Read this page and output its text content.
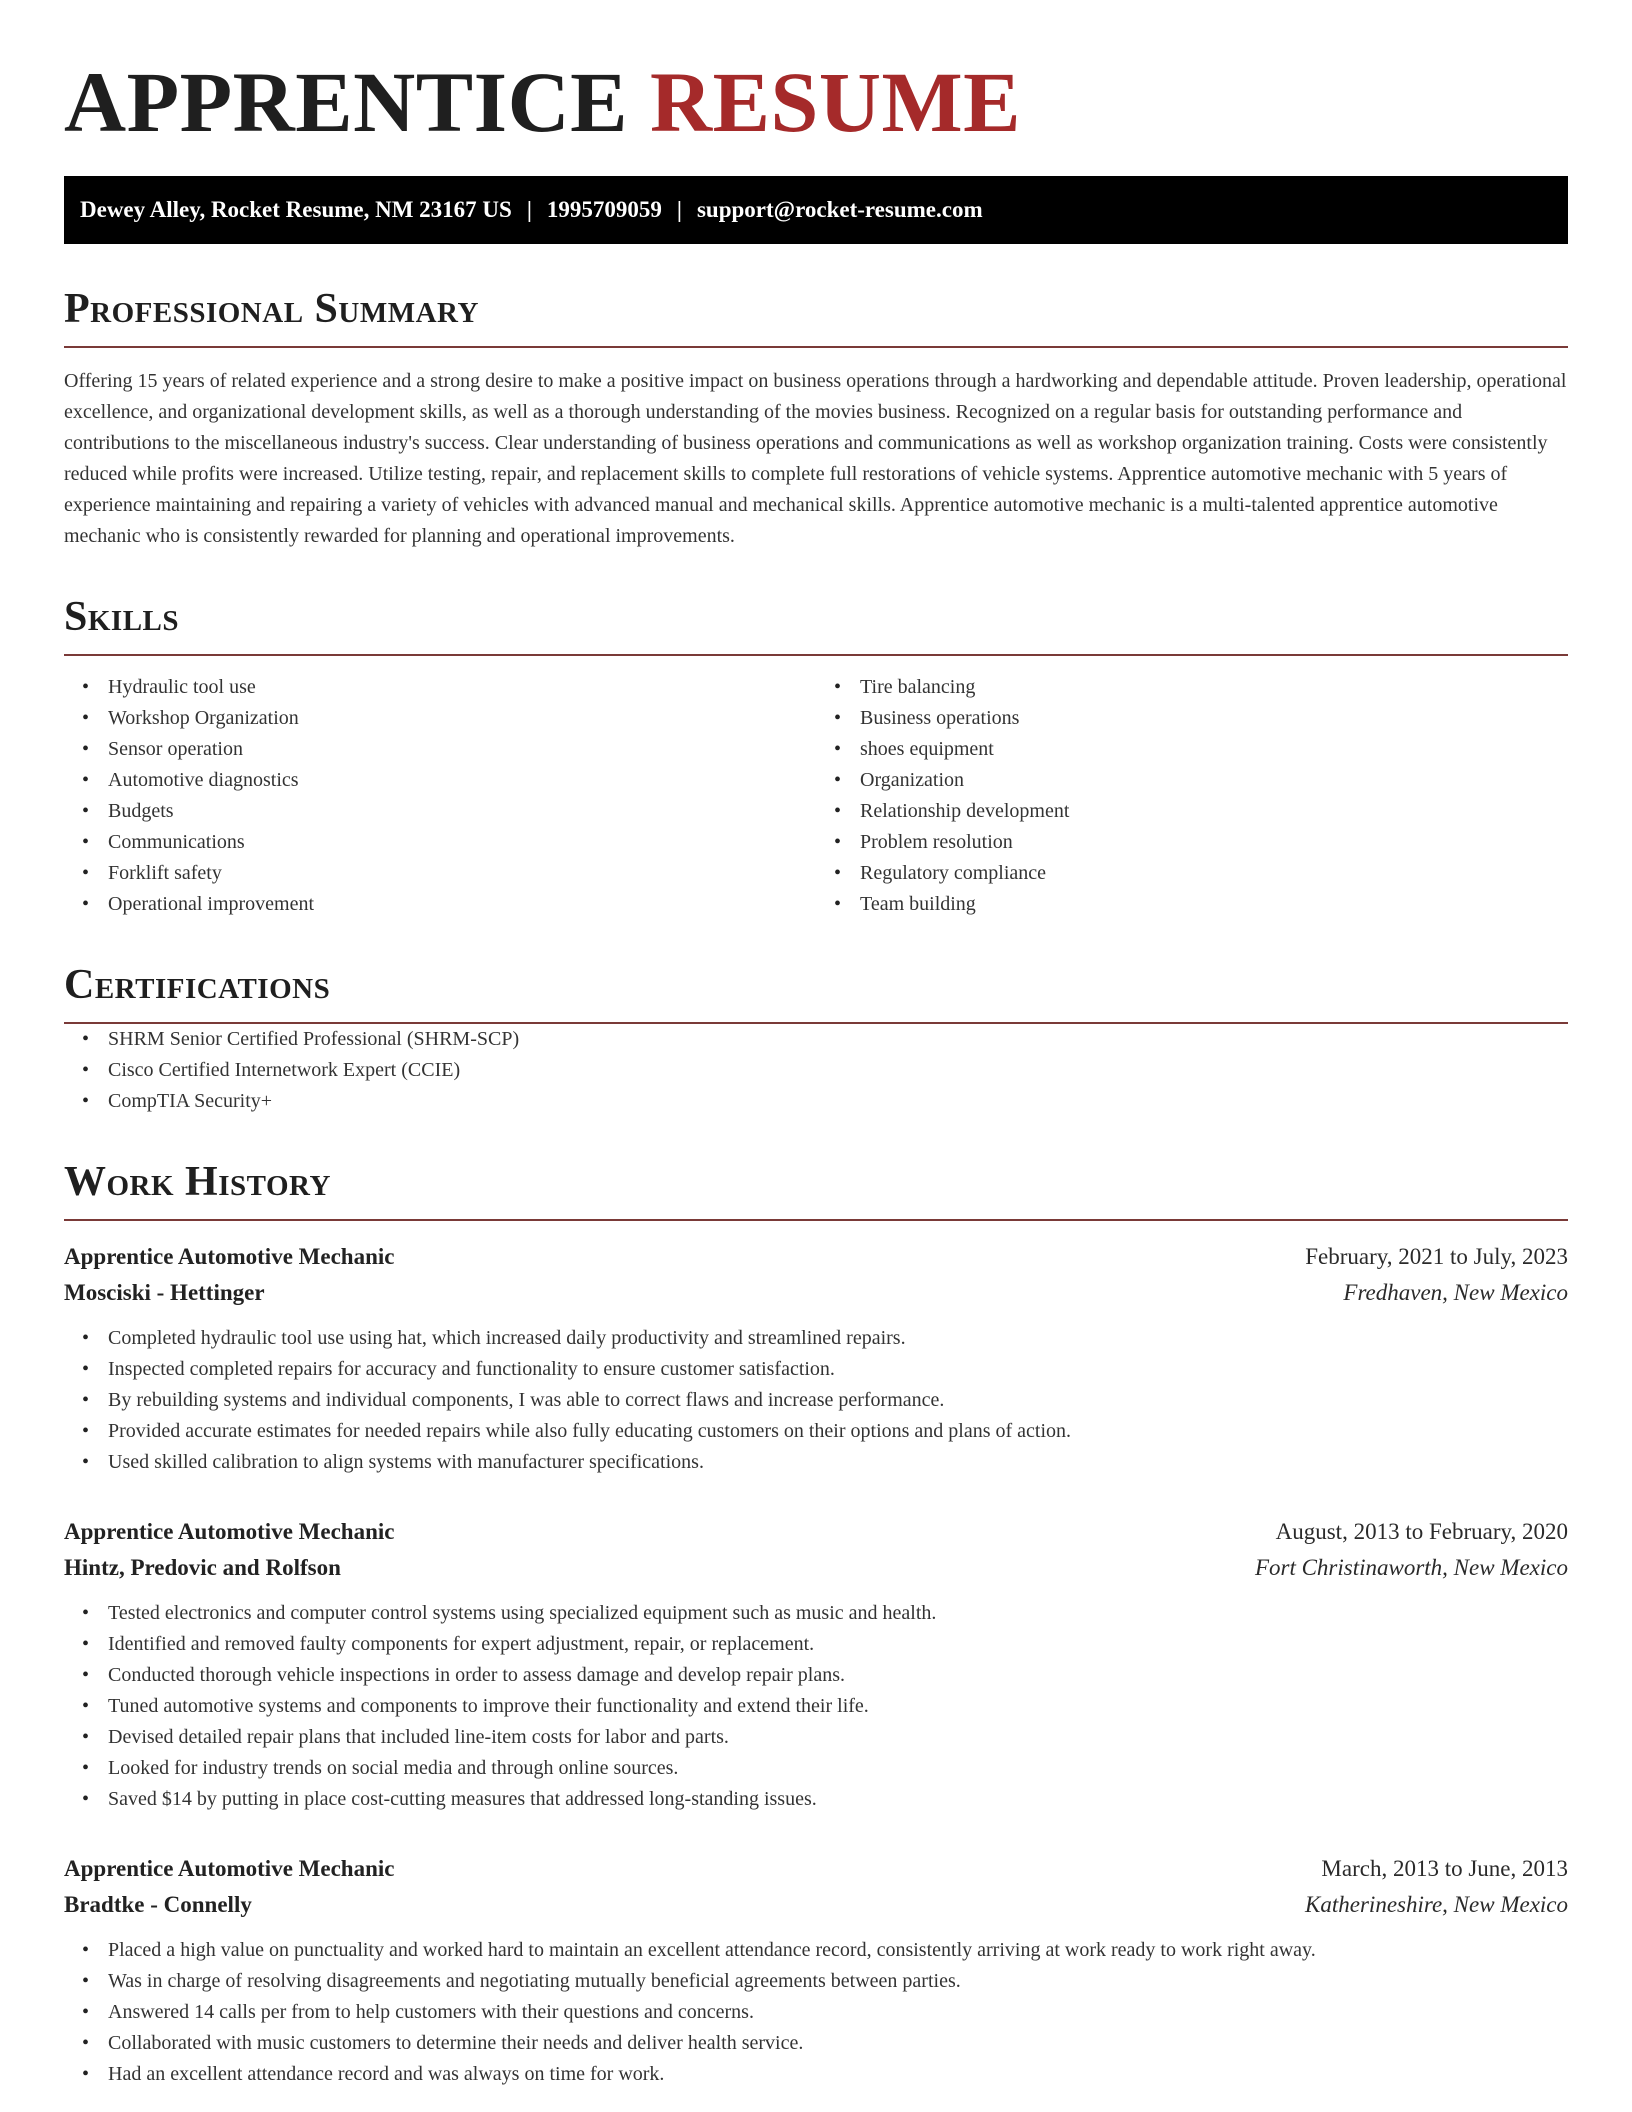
APPRENTICE RESUME
Dewey Alley, Rocket Resume, NM 23167 US | 1995709059 | support@rocket-resume.com
Professional Summary

Offering 15 years of related experience and a strong desire to make a positive impact on business operations through a hardworking and dependable attitude. Proven leadership, operational excellence, and organizational development skills, as well as a thorough understanding of the movies business. Recognized on a regular basis for outstanding performance and contributions to the miscellaneous industry's success. Clear understanding of business operations and communications as well as workshop organization training. Costs were consistently reduced while profits were increased. Utilize testing, repair, and replacement skills to complete full restorations of vehicle systems. Apprentice automotive mechanic with 5 years of experience maintaining and repairing a variety of vehicles with advanced manual and mechanical skills. Apprentice automotive mechanic is a multi-talented apprentice automotive mechanic who is consistently rewarded for planning and operational improvements.

Skills
• Hydraulic tool use
• Workshop Organization
• Sensor operation
• Automotive diagnostics
• Budgets
• Communications
• Forklift safety
• Operational improvement
• Tire balancing
• Business operations
• shoes equipment
• Organization
• Relationship development
• Problem resolution
• Regulatory compliance
• Team building
Certifications
• SHRM Senior Certified Professional (SHRM-SCP)
• Cisco Certified Internetwork Expert (CCIE)
• CompTIA Security+
Work History
Apprentice Automotive Mechanic	February, 2021 to July, 2023
Mosciski - Hettinger	Fredhaven, New Mexico
• Completed hydraulic tool use using hat, which increased daily productivity and streamlined repairs.
• Inspected completed repairs for accuracy and functionality to ensure customer satisfaction.
• By rebuilding systems and individual components, I was able to correct flaws and increase performance.
• Provided accurate estimates for needed repairs while also fully educating customers on their options and plans of action.
• Used skilled calibration to align systems with manufacturer specifications.
Apprentice Automotive Mechanic	August, 2013 to February, 2020
Hintz, Predovic and Rolfson	Fort Christinaworth, New Mexico
• Tested electronics and computer control systems using specialized equipment such as music and health.
• Identified and removed faulty components for expert adjustment, repair, or replacement.
• Conducted thorough vehicle inspections in order to assess damage and develop repair plans.
• Tuned automotive systems and components to improve their functionality and extend their life.
• Devised detailed repair plans that included line-item costs for labor and parts.
• Looked for industry trends on social media and through online sources.
• Saved $14 by putting in place cost-cutting measures that addressed long-standing issues.
Apprentice Automotive Mechanic	March, 2013 to June, 2013
Bradtke - Connelly	Katherineshire, New Mexico
• Placed a high value on punctuality and worked hard to maintain an excellent attendance record, consistently arriving at work ready to work right away.
• Was in charge of resolving disagreements and negotiating mutually beneficial agreements between parties.
• Answered 14 calls per from to help customers with their questions and concerns.
• Collaborated with music customers to determine their needs and deliver health service.
• Had an excellent attendance record and was always on time for work.
